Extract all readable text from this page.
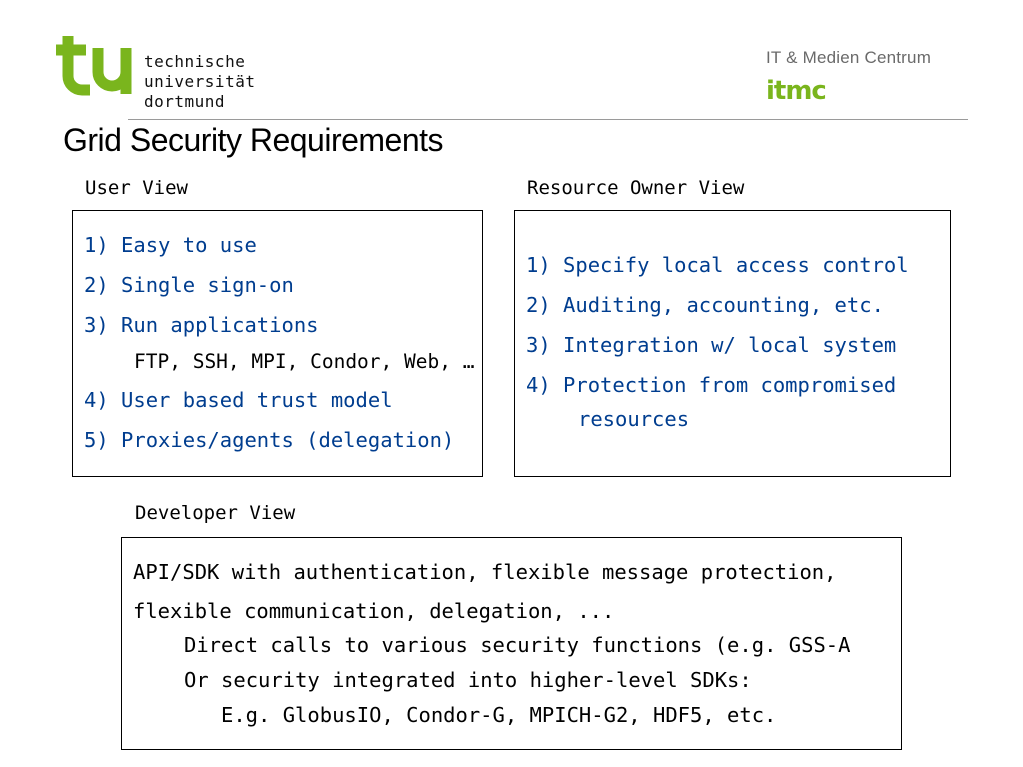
technische
universität
dortmund
IT & Medien Centrum
itmc
Grid Security Requirements
User View
1) Easy to use
2) Single sign-on
3) Run applications
FTP, SSH, MPI, Condor, Web, …
4) User based trust model
5) Proxies/agents (delegation)
Resource Owner View
1) Specify local access control
2) Auditing, accounting, etc.
3) Integration w/ local system
4) Protection from compromised
resources
Developer View
API/SDK with authentication, flexible message protection,
flexible communication, delegation, ...
Direct calls to various security functions (e.g. GSS-A
Or security integrated into higher-level SDKs:
E.g. GlobusIO, Condor-G, MPICH-G2, HDF5, etc.
